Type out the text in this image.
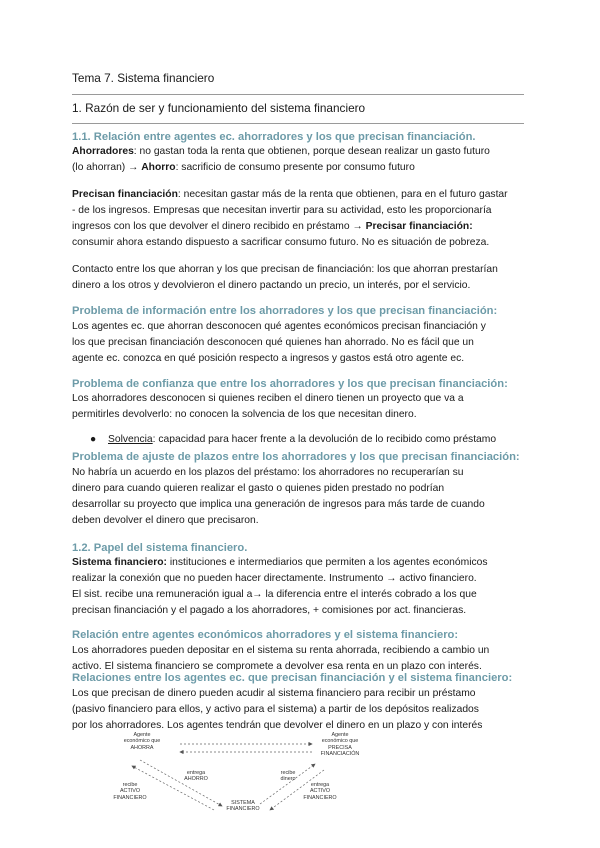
Tema 7. Sistema financiero

1. Razón de ser y funcionamiento del sistema financiero

1.1. Relación entre agentes ec. ahorradores y los que precisan financiación.

Ahorradores: no gastan toda la renta que obtienen, porque desean realizar un gasto futuro
(lo ahorran) → Ahorro: sacrificio de consumo presente por consumo futuro

Precisan financiación: necesitan gastar más de la renta que obtienen, para en el futuro gastar
- de los ingresos. Empresas que necesitan invertir para su actividad, esto les proporcionaría
ingresos con los que devolver el dinero recibido en préstamo → Precisar financiación:
consumir ahora estando dispuesto a sacrificar consumo futuro. No es situación de pobreza.

Contacto entre los que ahorran y los que precisan de financiación: los que ahorran prestarían
dinero a los otros y devolvieron el dinero pactando un precio, un interés, por el servicio.

Problema de información entre los ahorradores y los que precisan financiación:

Los agentes ec. que ahorran desconocen qué agentes económicos precisan financiación y
los que precisan financiación desconocen qué quienes han ahorrado. No es fácil que un
agente ec. conozca en qué posición respecto a ingresos y gastos está otro agente ec.

Problema de confianza que entre los ahorradores y los que precisan financiación:

Los ahorradores desconocen si quienes reciben el dinero tienen un proyecto que va a
permitirles devolverlo: no conocen la solvencia de los que necesitan dinero.

● Solvencia: capacidad para hacer frente a la devolución de lo recibido como préstamo

Problema de ajuste de plazos entre los ahorradores y los que precisan financiación:

No habría un acuerdo en los plazos del préstamo: los ahorradores no recuperarían su
dinero para cuando quieren realizar el gasto o quienes piden prestado no podrían
desarrollar su proyecto que implica una generación de ingresos para más tarde de cuando
deben devolver el dinero que precisaron.

1.2. Papel del sistema financiero.

Sistema financiero: instituciones e intermediarios que permiten a los agentes económicos
realizar la conexión que no pueden hacer directamente. Instrumento → activo financiero.
El sist. recibe una remuneración igual a→ la diferencia entre el interés cobrado a los que
precisan financiación y el pagado a los ahorradores, + comisiones por act. financieras.

Relación entre agentes económicos ahorradores y el sistema financiero:

Los ahorradores pueden depositar en el sistema su renta ahorrada, recibiendo a cambio un
activo. El sistema financiero se compromete a devolver esa renta en un plazo con interés.

Relaciones entre los agentes ec. que precisan financiación y el sistema financiero:

Los que precisan de dinero pueden acudir al sistema financiero para recibir un préstamo
(pasivo financiero para ellos, y activo para el sistema) a partir de los depósitos realizados
por los ahorradores. Los agentes tendrán que devolver el dinero en un plazo y con interés

Agente
económico que
AHORRA
Agente
económico que
PRECISA
FINANCIACIÓN
entrega
AHORRO
recibe
ACTIVO
FINANCIERO
recibe
dinero
entrega
ACTIVO
FINANCIERO
SISTEMA
FINANCIERO
